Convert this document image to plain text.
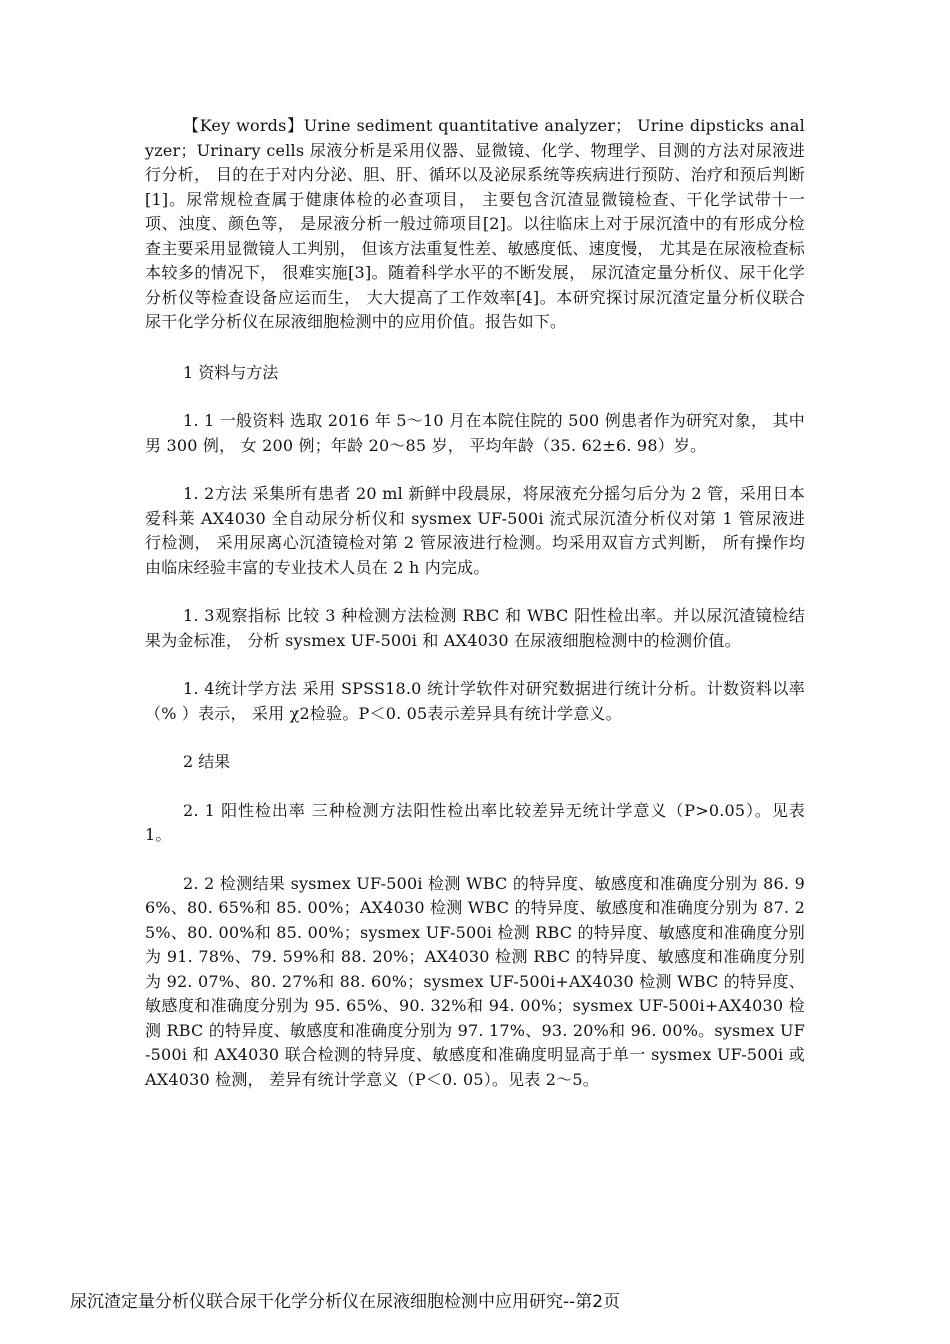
【Key words】Urine sediment quantitative analyzer； Urine dipsticks analyzer；Urinary cells 尿液分析是采用仪器、显微镜、化学、物理学、目测的方法对尿液进行分析， 目的在于对内分泌、胆、肝、循环以及泌尿系统等疾病进行预防、治疗和预后判断[1]。尿常规检查属于健康体检的必查项目， 主要包含沉渣显微镜检查、干化学试带十一项、浊度、颜色等， 是尿液分析一般过筛项目[2]。以往临床上对于尿沉渣中的有形成分检查主要采用显微镜人工判别， 但该方法重复性差、敏感度低、速度慢， 尤其是在尿液检查标本较多的情况下， 很难实施[3]。随着科学水平的不断发展， 尿沉渣定量分析仪、尿干化学分析仪等检查设备应运而生， 大大提高了工作效率[4]。本研究探讨尿沉渣定量分析仪联合尿干化学分析仪在尿液细胞检测中的应用价值。报告如下。

1 资料与方法

1. 1 一般资料 选取 2016 年 5～10 月在本院住院的 500 例患者作为研究对象， 其中男 300 例， 女 200 例；年龄 20～85 岁， 平均年龄（35. 62±6. 98）岁。

1. 2方法 采集所有患者 20 ml 新鲜中段晨尿，将尿液充分摇匀后分为 2 管，采用日本爱科莱 AX4030 全自动尿分析仪和 sysmex UF-500i 流式尿沉渣分析仪对第 1 管尿液进行检测， 采用尿离心沉渣镜检对第 2 管尿液进行检测。均采用双盲方式判断， 所有操作均由临床经验丰富的专业技术人员在 2 h 内完成。

1. 3观察指标 比较 3 种检测方法检测 RBC 和 WBC 阳性检出率。并以尿沉渣镜检结果为金标准， 分析 sysmex UF-500i 和 AX4030 在尿液细胞检测中的检测价值。

1. 4统计学方法 采用 SPSS18.0 统计学软件对研究数据进行统计分析。计数资料以率（% ）表示， 采用 χ2检验。P＜0. 05表示差异具有统计学意义。

2 结果

2. 1 阳性检出率 三种检测方法阳性检出率比较差异无统计学意义（P>0.05）。见表 1。

2. 2 检测结果 sysmex UF-500i 检测 WBC 的特异度、敏感度和准确度分别为 86. 96%、80. 65%和 85. 00%；AX4030 检测 WBC 的特异度、敏感度和准确度分别为 87. 25%、80. 00%和 85. 00%；sysmex UF-500i 检测 RBC 的特异度、敏感度和准确度分别为 91. 78%、79. 59%和 88. 20%；AX4030 检测 RBC 的特异度、敏感度和准确度分别为 92. 07%、80. 27%和 88. 60%；sysmex UF-500i+AX4030 检测 WBC 的特异度、敏感度和准确度分别为 95. 65%、90. 32%和 94. 00%；sysmex UF-500i+AX4030 检测 RBC 的特异度、敏感度和准确度分别为 97. 17%、93. 20%和 96. 00%。sysmex UF-500i 和 AX4030 联合检测的特异度、敏感度和准确度明显高于单一 sysmex UF-500i 或 AX4030 检测， 差异有统计学意义（P＜0. 05）。见表 2～5。

尿沉渣定量分析仪联合尿干化学分析仪在尿液细胞检测中应用研究--第2页
